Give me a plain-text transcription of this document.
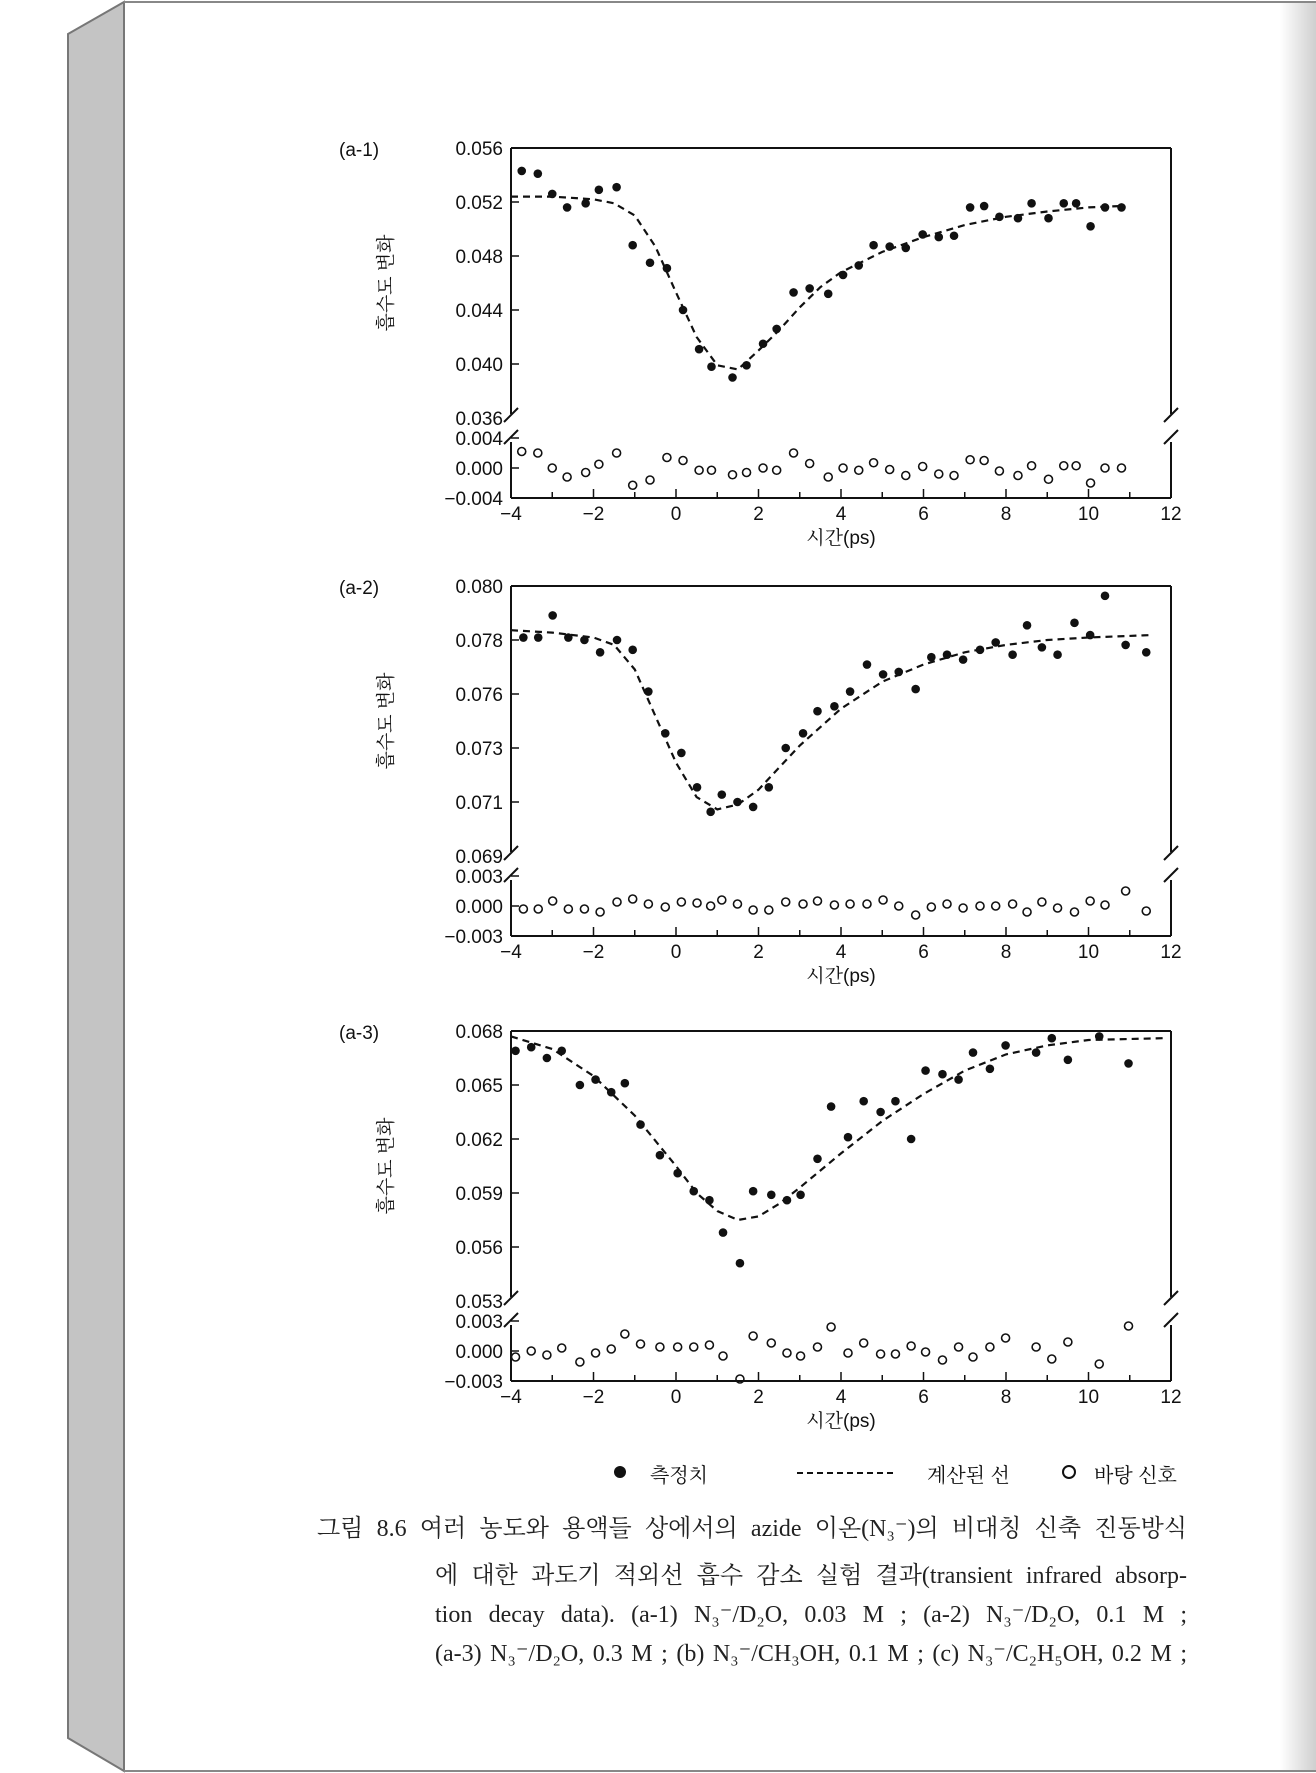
(a-1)
0.036
0.040
0.044
0.048
0.052
0.056
−0.004
0.000
0.004
−4	−2	0	2	4	6	8	10	12
시간(ps)
흡수도 변화
(a-2)
0.069
0.071
0.073
0.076
0.078
0.080
−0.003
0.000
0.003
−4	−2	0	2	4	6	8	10	12
시간(ps)
흡수도 변화
(a-3)
0.053
0.056
0.059
0.062
0.065
0.068
−0.003
0.000
0.003
−4	−2	0	2	4	6	8	10	12
시간(ps)
흡수도 변화
측정치	계산된 선	바탕 신호
그림 8.6 여러 농도와 용액들 상에서의 azide 이온(N₃⁻)의 비대칭 신축 진동방식
에 대한 과도기 적외선 흡수 감소 실험 결과(transient infrared absorp-
tion decay data). (a-1) N₃⁻/D₂O, 0.03 M ; (a-2) N₃⁻/D₂O, 0.1 M ;
(a-3) N₃⁻/D₂O, 0.3 M ; (b) N₃⁻/CH₃OH, 0.1 M ; (c) N₃⁻/C₂H₅OH, 0.2 M ;
